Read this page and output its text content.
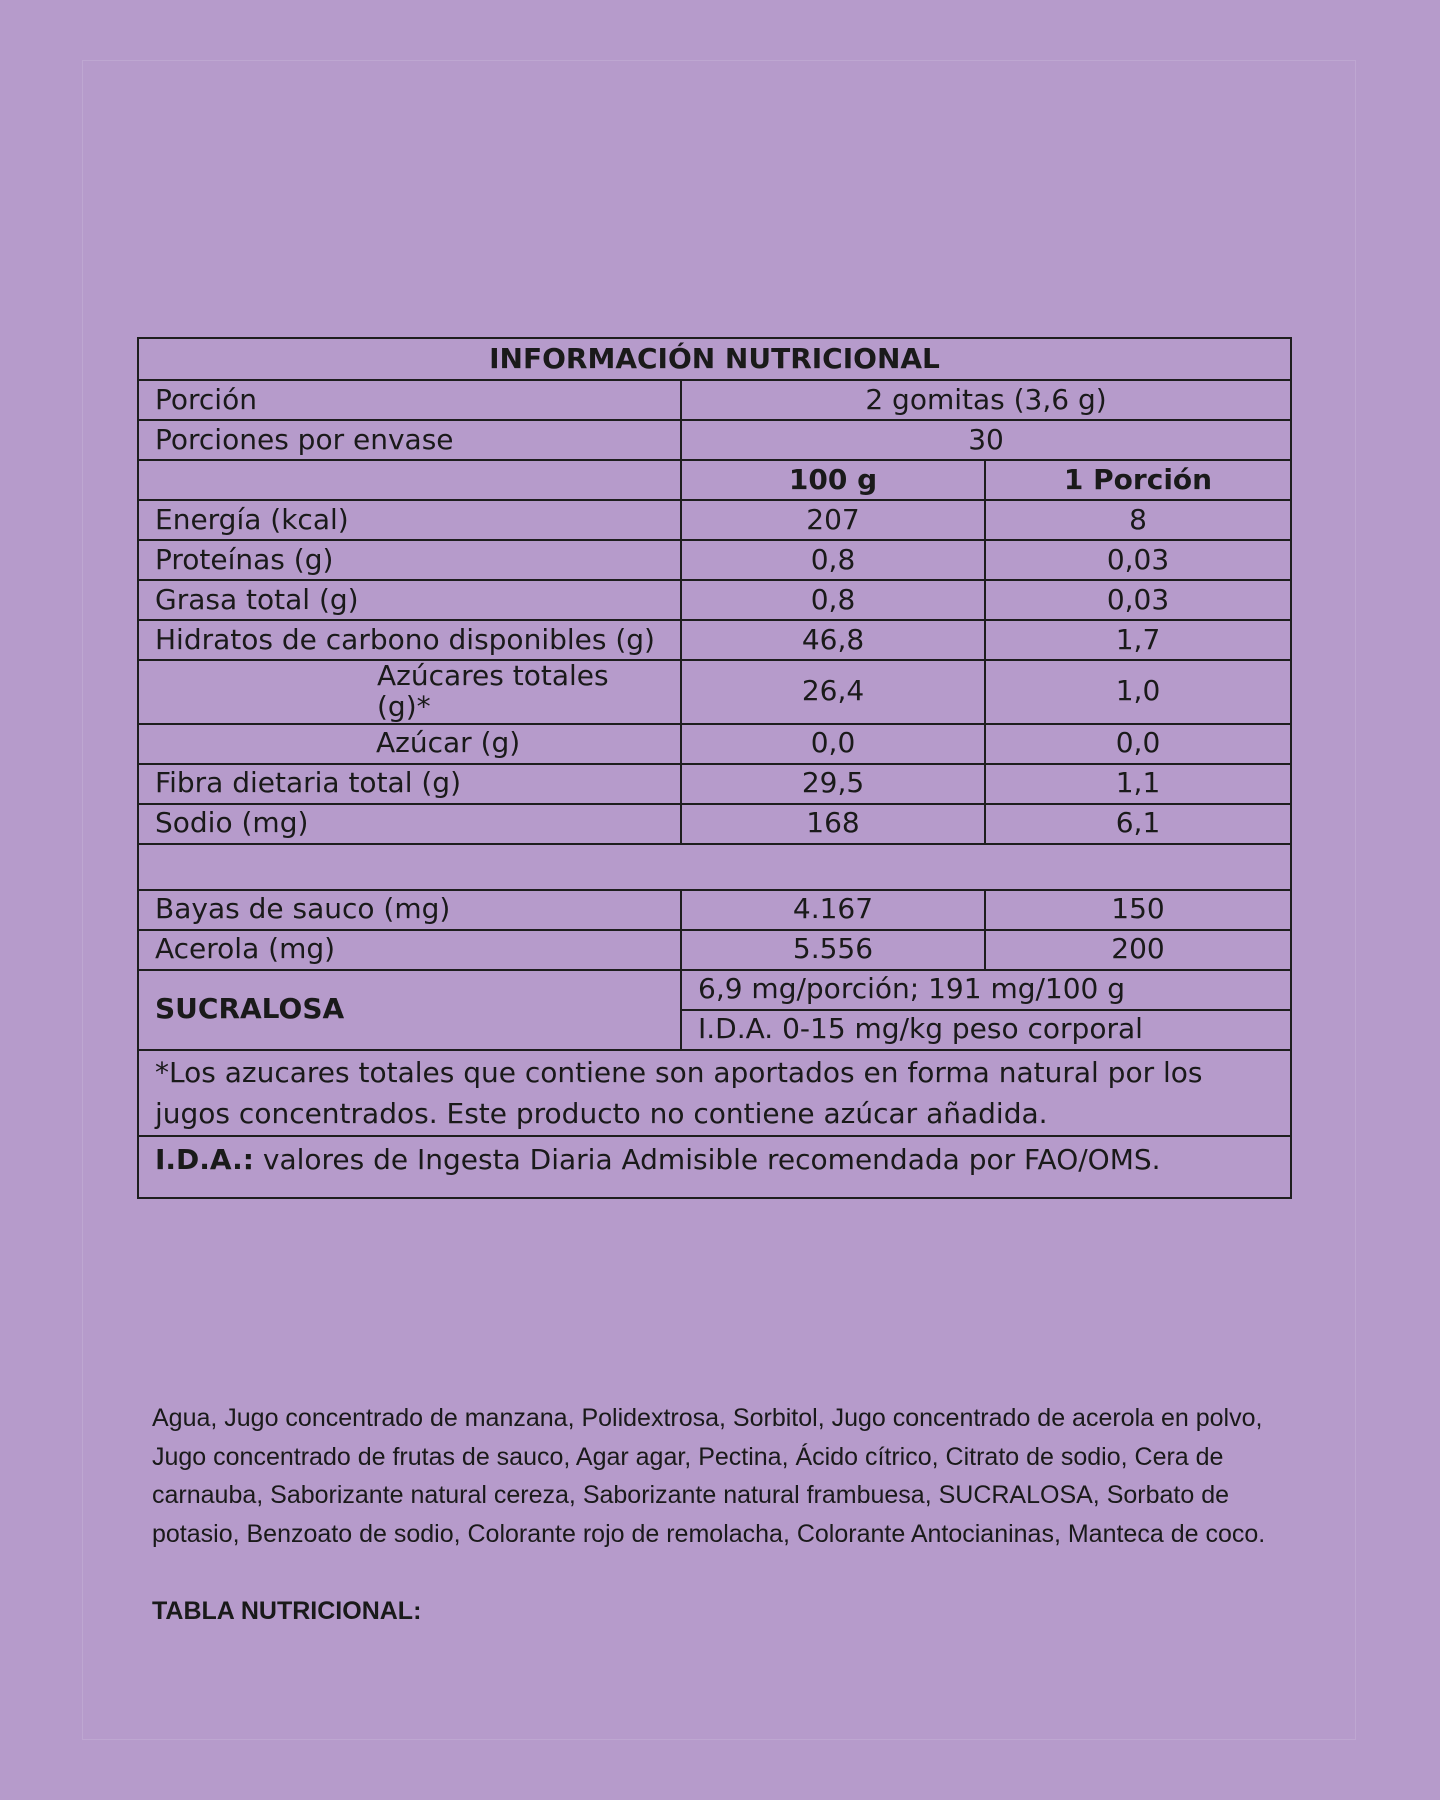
INFORMACIÓN NUTRICIONAL		
Porción	2 gomitas (3,6 g)	
Porciones por envase	30	
	100 g	1 Porción
Energía (kcal)	207	8
Proteínas (g)	0,8	0,03
Grasa total (g)	0,8	0,03
Hidratos de carbono disponibles (g)	46,8	1,7
Azúcares totales (g)*	26,4	1,0
Azúcar (g)	0,0	0,0
Fibra dietaria total (g)	29,5	1,1
Sodio (mg)	168	6,1

Bayas de sauco (mg)	4.167	150
Acerola (mg)	5.556	200
SUCRALOSA	6,9 mg/porción; 191 mg/100 g	
	I.D.A. 0-15 mg/kg peso corporal	
*Los azucares totales que contiene son aportados en forma natural por los jugos concentrados. Este producto no contiene azúcar añadida.		
I.D.A.: valores de Ingesta Diaria Admisible recomendada por FAO/OMS.		

Agua, Jugo concentrado de manzana, Polidextrosa, Sorbitol, Jugo concentrado de acerola en polvo, Jugo concentrado de frutas de sauco, Agar agar, Pectina, Ácido cítrico, Citrato de sodio, Cera de carnauba, Saborizante natural cereza, Saborizante natural frambuesa, SUCRALOSA, Sorbato de potasio, Benzoato de sodio, Colorante rojo de remolacha, Colorante Antocianinas, Manteca de coco.

TABLA NUTRICIONAL:
